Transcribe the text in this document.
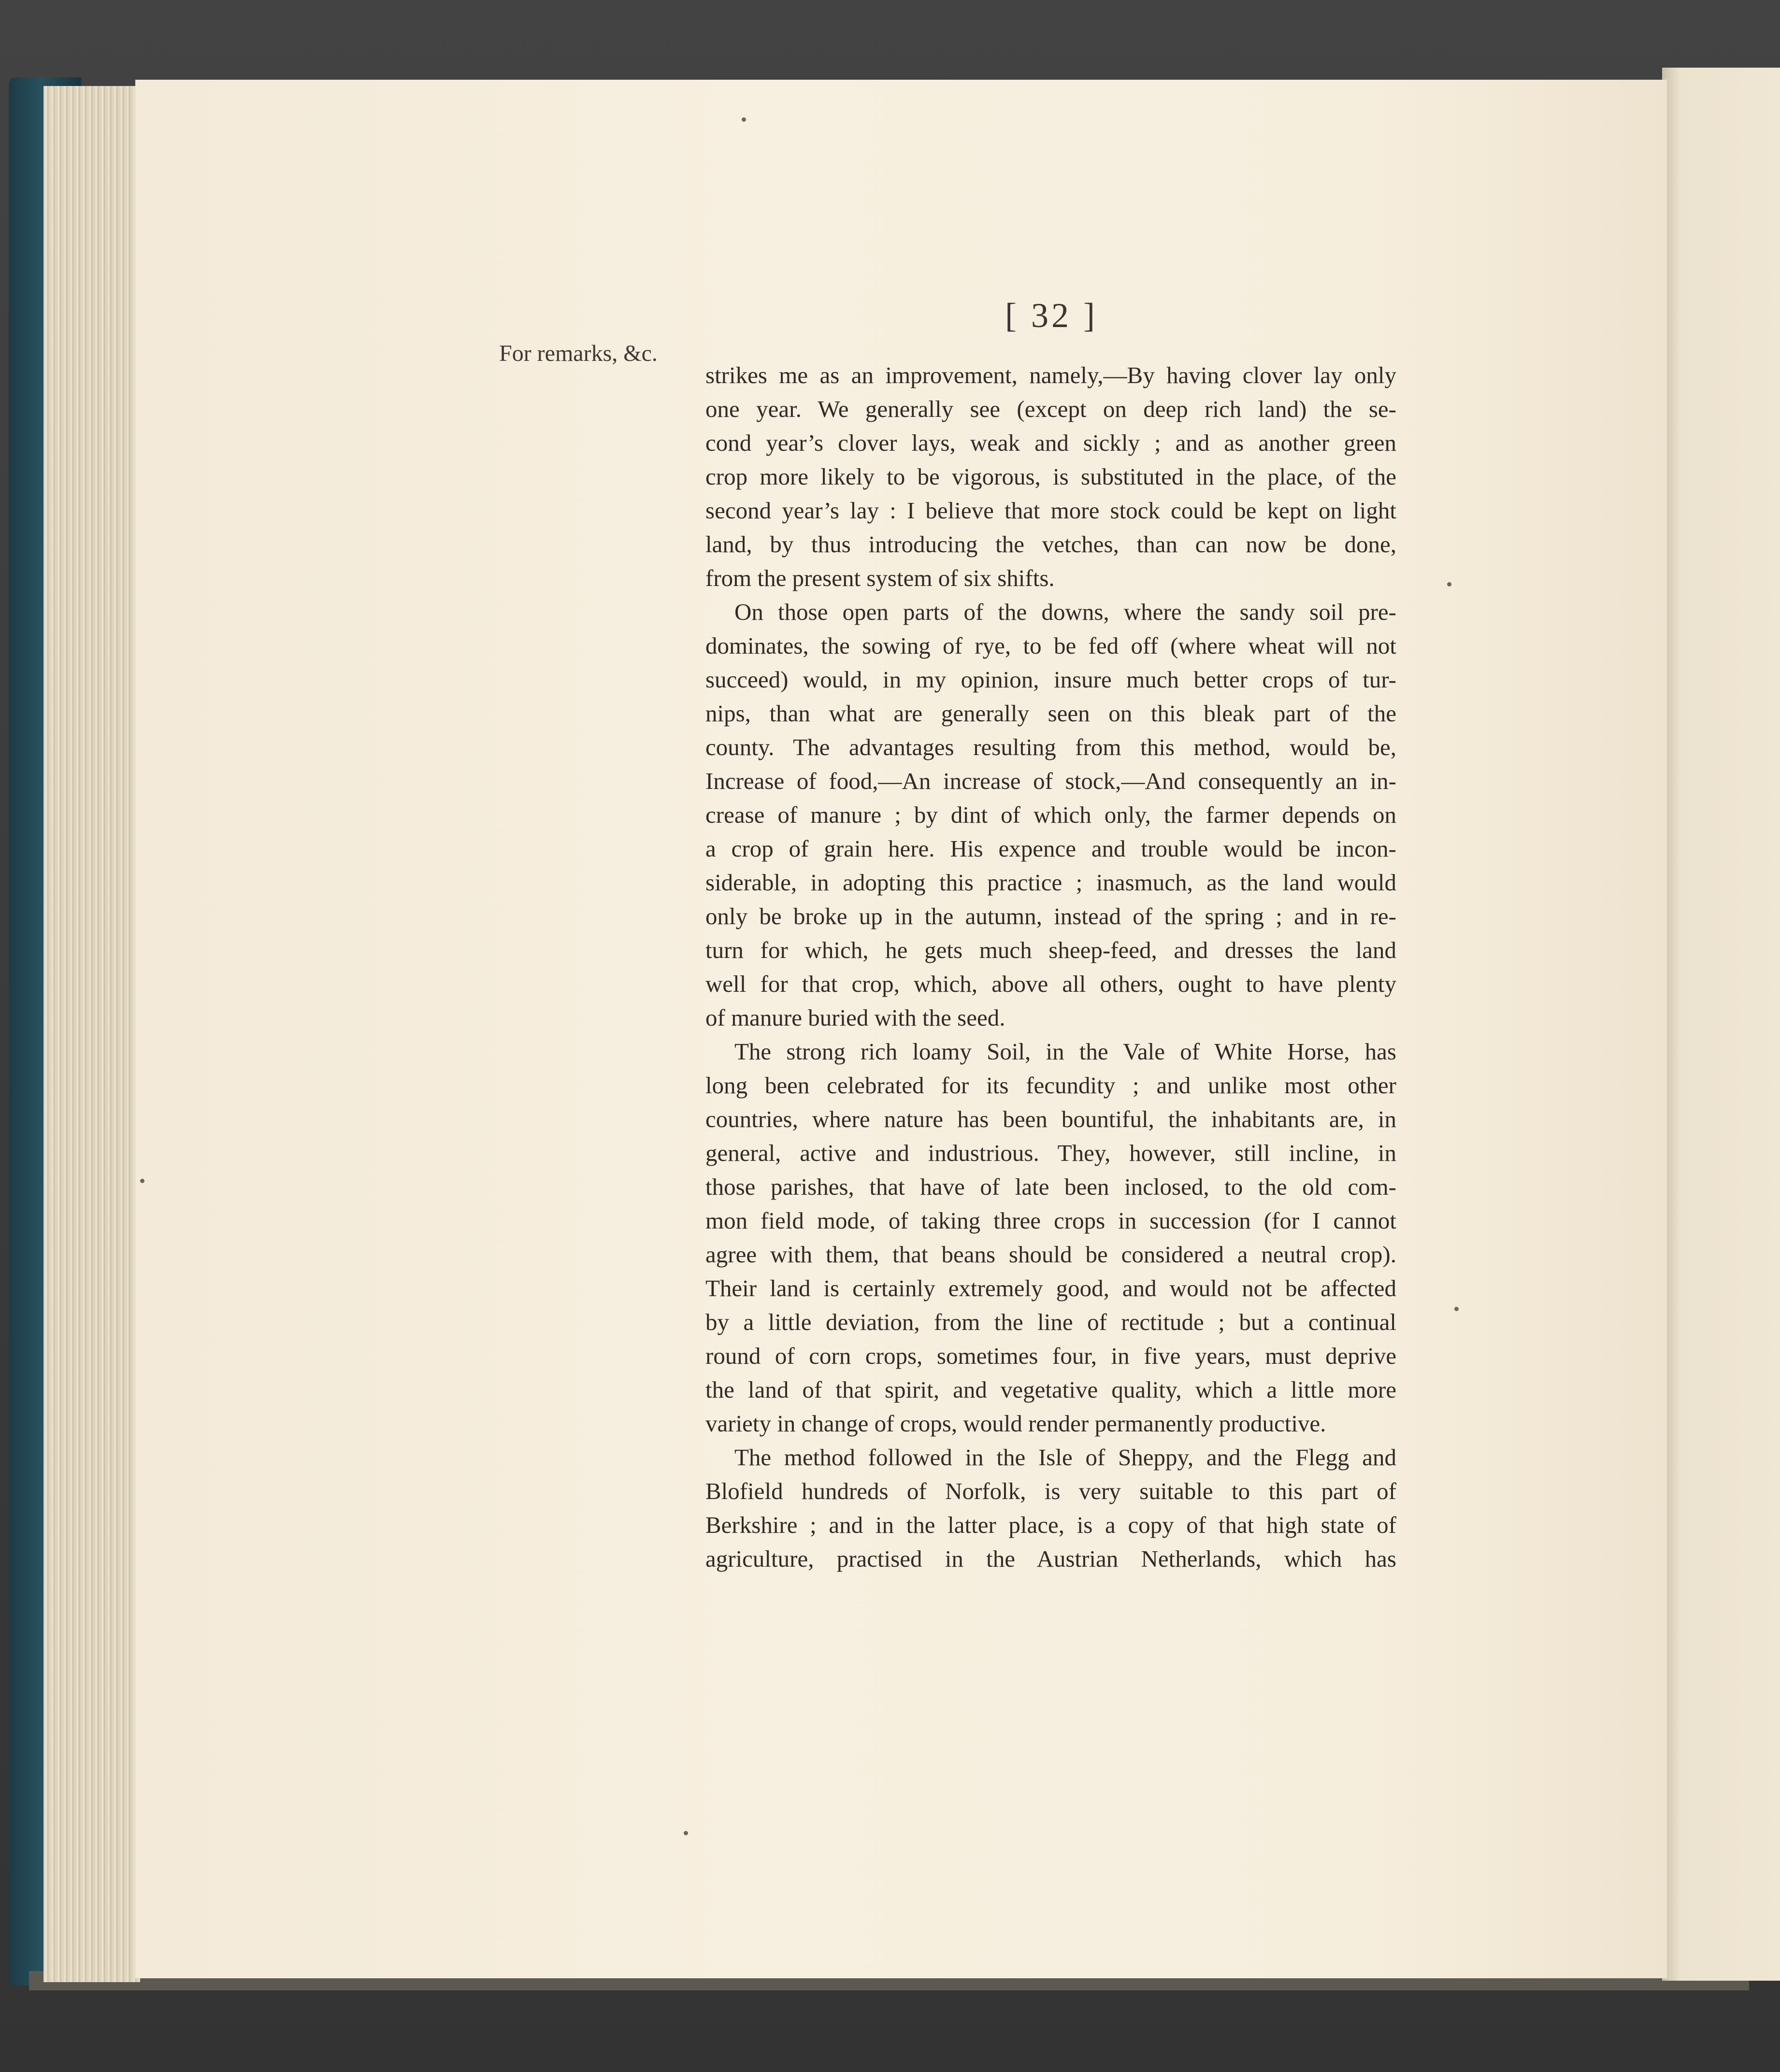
[ 32 ]
For remarks, &c.
strikes me as an improvement, namely,—By having clover lay only
one year. We generally see (except on deep rich land) the se-
cond year’s clover lays, weak and sickly ; and as another green
crop more likely to be vigorous, is substituted in the place, of the
second year’s lay : I believe that more stock could be kept on light
land, by thus introducing the vetches, than can now be done,
from the present system of six shifts.
On those open parts of the downs, where the sandy soil pre-
dominates, the sowing of rye, to be fed off (where wheat will not
succeed) would, in my opinion, insure much better crops of tur-
nips, than what are generally seen on this bleak part of the
county. The advantages resulting from this method, would be,
Increase of food,—An increase of stock,—And consequently an in-
crease of manure ; by dint of which only, the farmer depends on
a crop of grain here. His expence and trouble would be incon-
siderable, in adopting this practice ; inasmuch, as the land would
only be broke up in the autumn, instead of the spring ; and in re-
turn for which, he gets much sheep-feed, and dresses the land
well for that crop, which, above all others, ought to have plenty
of manure buried with the seed.
The strong rich loamy Soil, in the Vale of White Horse, has
long been celebrated for its fecundity ; and unlike most other
countries, where nature has been bountiful, the inhabitants are, in
general, active and industrious. They, however, still incline, in
those parishes, that have of late been inclosed, to the old com-
mon field mode, of taking three crops in succession (for I cannot
agree with them, that beans should be considered a neutral crop).
Their land is certainly extremely good, and would not be affected
by a little deviation, from the line of rectitude ; but a continual
round of corn crops, sometimes four, in five years, must deprive
the land of that spirit, and vegetative quality, which a little more
variety in change of crops, would render permanently productive.
The method followed in the Isle of Sheppy, and the Flegg and
Blofield hundreds of Norfolk, is very suitable to this part of
Berkshire ; and in the latter place, is a copy of that high state of
agriculture, practised in the Austrian Netherlands, which has
